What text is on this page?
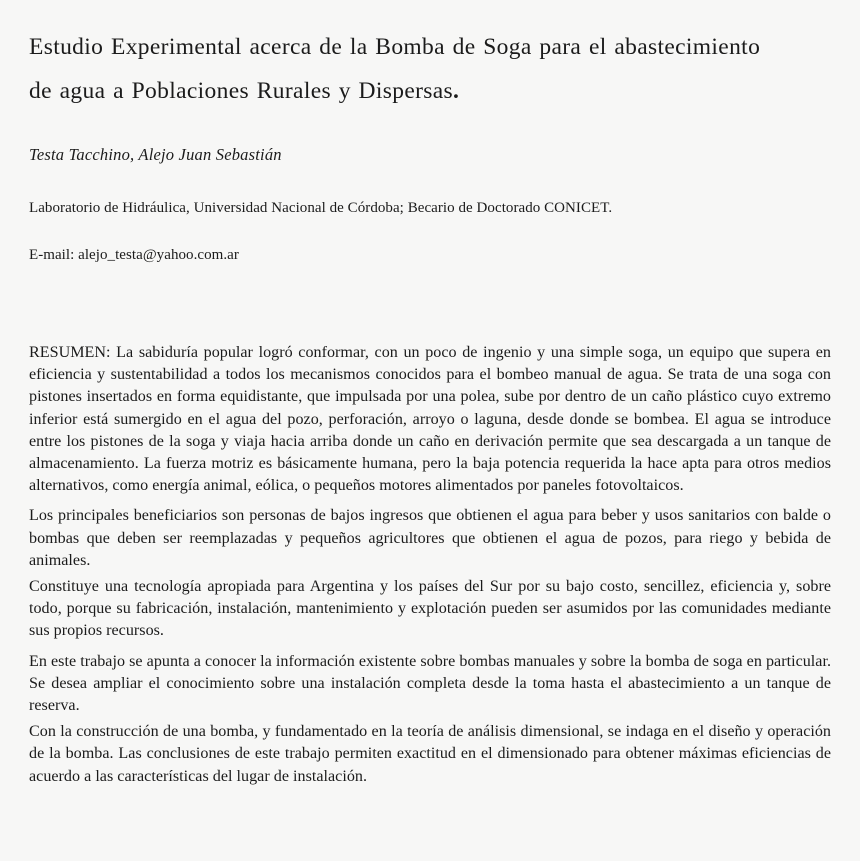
Estudio Experimental acerca de la Bomba de Soga para el abastecimiento
de agua a Poblaciones Rurales y Dispersas.

Testa Tacchino, Alejo Juan Sebastián

Laboratorio de Hidráulica, Universidad Nacional de Córdoba; Becario de Doctorado CONICET.

E-mail: alejo_testa@yahoo.com.ar

RESUMEN: La sabiduría popular logró conformar, con un poco de ingenio y una simple soga, un equipo que supera en eficiencia y sustentabilidad a todos los mecanismos conocidos para el bombeo manual de agua. Se trata de una soga con pistones insertados en forma equidistante, que impulsada por una polea, sube por dentro de un caño plástico cuyo extremo inferior está sumergido en el agua del pozo, perforación, arroyo o laguna, desde donde se bombea. El agua se introduce entre los pistones de la soga y viaja hacia arriba donde un caño en derivación permite que sea descargada a un tanque de almacenamiento. La fuerza motriz es básicamente humana, pero la baja potencia requerida la hace apta para otros medios alternativos, como energía animal, eólica, o pequeños motores alimentados por paneles fotovoltaicos.

Los principales beneficiarios son personas de bajos ingresos que obtienen el agua para beber y usos sanitarios con balde o bombas que deben ser reemplazadas y pequeños agricultores que obtienen el agua de pozos, para riego y bebida de animales.

Constituye una tecnología apropiada para Argentina y los países del Sur por su bajo costo, sencillez, eficiencia y, sobre todo, porque su fabricación, instalación, mantenimiento y explotación pueden ser asumidos por las comunidades mediante sus propios recursos.

En este trabajo se apunta a conocer la información existente sobre bombas manuales y sobre la bomba de soga en particular. Se desea ampliar el conocimiento sobre una instalación completa desde la toma hasta el abastecimiento a un tanque de reserva.

Con la construcción de una bomba, y fundamentado en la teoría de análisis dimensional, se indaga en el diseño y operación de la bomba. Las conclusiones de este trabajo permiten exactitud en el dimensionado para obtener máximas eficiencias de acuerdo a las características del lugar de instalación.
